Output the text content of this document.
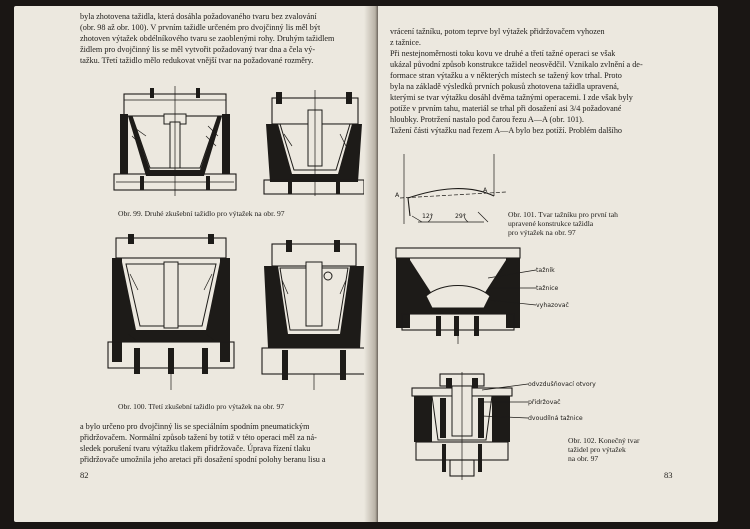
byla zhotovena tažidla, která dosáhla požadovaného tvaru bez zvalování
(obr. 98 až obr. 100). V prvním tažidle určeném pro dvojčinný lis měl být
zhotoven výtažek obdélníkového tvaru se zaoblenými rohy. Druhým tažidlem
židlem pro dvojčinný lis se měl vytvořit požadovaný tvar dna a čela vý-
tažku. Třetí tažidlo mělo redukovat vnější tvar na požadované rozměry.
Obr. 99. Druhé zkušební tažidlo pro výtažek na obr. 97
Obr. 100. Třetí zkušební tažidlo pro výtažek na obr. 97
a bylo určeno pro dvojčinný lis se speciálním spodním pneumatickým
přidržovačem. Normální způsob tažení by totiž v této operaci měl za ná-
sledek porušení tvaru výtažku tlakem přidržovače. Úprava řízení tlaku
přidržovače umožnila jeho aretaci při dosažení spodní polohy beranu lisu a
82
vrácení tažníku, potom teprve byl výtažek přidržovačem vyhozen
z tažnice.
Při nestejnoměrnosti toku kovu ve druhé a třetí tažné operaci se však
ukázal původní způsob konstrukce tažidel neosvědčil. Vznikalo zvlnění a de-
formace stran výtažku a v některých místech se tažený kov trhal. Proto
byla na základě výsledků prvních pokusů zhotovena tažidla upravená,
kterými se tvar výtažku dosáhl dvěma tažnými operacemi. I zde však byly
potíže v prvním tahu, materiál se trhal při dosažení asi 3/4 požadované
hloubky. Protržení nastalo pod čarou řezu A—A (obr. 101).
Tažení části výtažku nad řezem A—A bylo bez potíží. Problém dalšího
A
A
12°	29°	Obr. 101. Tvar tažníku pro první tah
upravené konstrukce tažidla
pro výtažek na obr. 97
tažník
tažnice
vyhazovač
odvzdušňovací otvory
přidržovač
dvoudílná tažnice
Obr. 102. Konečný tvar
tažidel pro výtažek
na obr. 97
83
